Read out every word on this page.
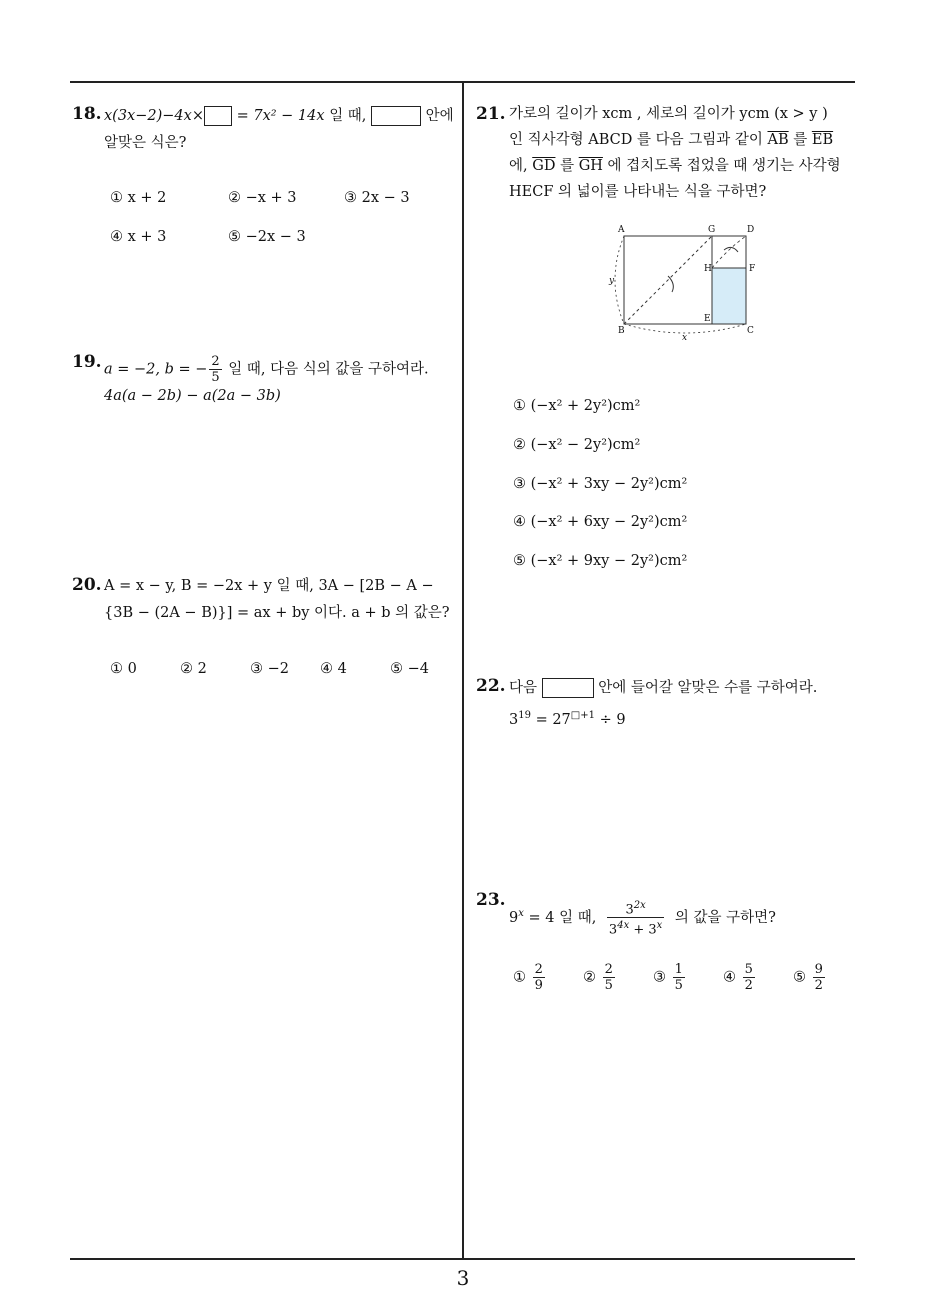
18. x(3x−2)−4x× = 7x² − 14x 일 때,	안에
알맞은 식은?
① x + 2	② −x + 3	③ 2x − 3
④ x + 3	⑤ −2x − 3
19. a = −2, b = − $\frac{2}{5}$ 일 때, 다음 식의 값을 구하여라.
4a(a − 2b) − a(2a − 3b)
20. A = x − y, B = −2x + y 일 때, 3A − [2B − A −
{3B − (2A − B)}] = ax + by 이다. a + b 의 값은?
① 0	② 2	③ −2 ④ 4	⑤ −4
21. 가로의 길이가 xcm , 세로의 길이가 ycm (x > y )
인 직사각형 ABCD 를 다음 그림과 같이 $\overline{AB}$ 를 $\overline{EB}$
에, $\overline{GD}$ 를 $\overline{GH}$ 에 겹치도록 접었을 때 생기는 사각형
HECF 의 넓이를 나타내는 식을 구하면?
A	G	D
H	F
E
B	C
x
y
① (−x² + 2y²)cm²
② (−x² − 2y²)cm²
③ (−x² + 3xy − 2y²)cm²
④ (−x² + 6xy − 2y²)cm²
⑤ (−x² + 9xy − 2y²)cm²
22. 다음	안에 들어갈 알맞은 수를 구하여라.
$3^{19} = 27^{□+1} \div 9$
23.
$9^x = 4$ 일 때, $\frac{3^{2x}}{3^{4x} + 3^x}$ 의 값을 구하면?
① $\frac{2}{9}$	② $\frac{2}{5}$	③ $\frac{1}{5}$	④ $\frac{5}{2}$	⑤ $\frac{9}{2}$
3
